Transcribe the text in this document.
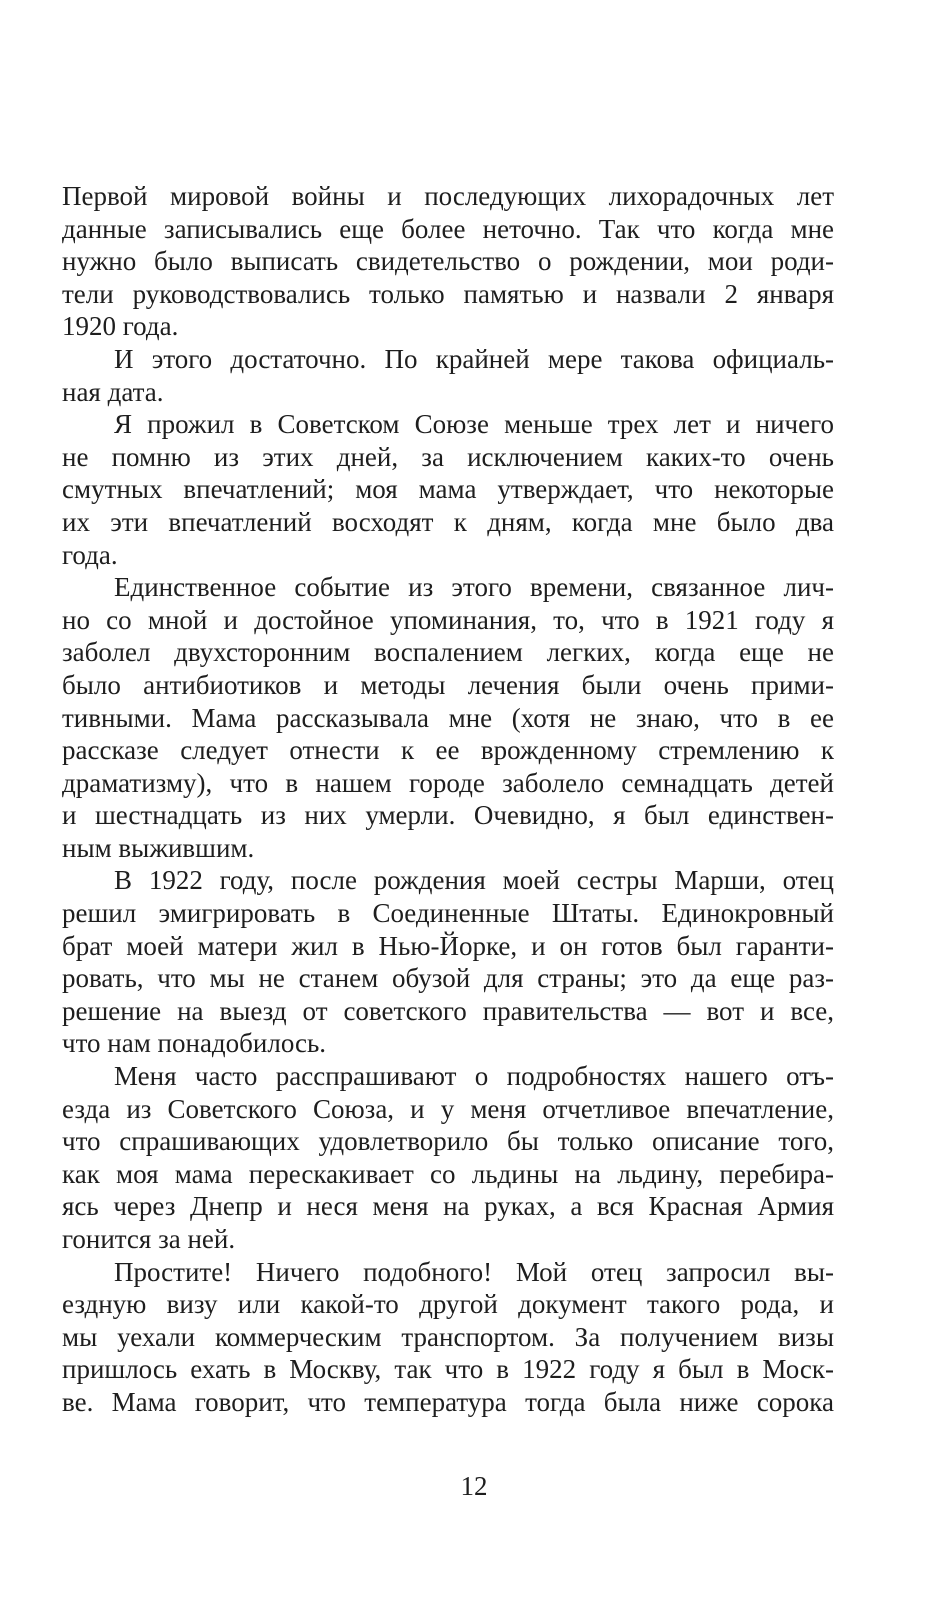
Первой мировой войны и последующих лихорадочных лет
данные записывались еще более неточно. Так что когда мне
нужно было выписать свидетельство о рождении, мои роди-
тели руководствовались только памятью и назвали 2 января
1920 года.
И этого достаточно. По крайней мере такова официаль-
ная дата.
Я прожил в Советском Союзе меньше трех лет и ничего
не помню из этих дней, за исключением каких-то очень
смутных впечатлений; моя мама утверждает, что некоторые
их эти впечатлений восходят к дням, когда мне было два
года.
Единственное событие из этого времени, связанное лич-
но со мной и достойное упоминания, то, что в 1921 году я
заболел двухсторонним воспалением легких, когда еще не
было антибиотиков и методы лечения были очень прими-
тивными. Мама рассказывала мне (хотя не знаю, что в ее
рассказе следует отнести к ее врожденному стремлению к
драматизму), что в нашем городе заболело семнадцать детей
и шестнадцать из них умерли. Очевидно, я был единствен-
ным выжившим.
В 1922 году, после рождения моей сестры Марши, отец
решил эмигрировать в Соединенные Штаты. Единокровный
брат моей матери жил в Нью-Йорке, и он готов был гаранти-
ровать, что мы не станем обузой для страны; это да еще раз-
решение на выезд от советского правительства — вот и все,
что нам понадобилось.
Меня часто расспрашивают о подробностях нашего отъ-
езда из Советского Союза, и у меня отчетливое впечатление,
что спрашивающих удовлетворило бы только описание того,
как моя мама перескакивает со льдины на льдину, перебира-
ясь через Днепр и неся меня на руках, а вся Красная Армия
гонится за ней.
Простите! Ничего подобного! Мой отец запросил вы-
ездную визу или какой-то другой документ такого рода, и
мы уехали коммерческим транспортом. За получением визы
пришлось ехать в Москву, так что в 1922 году я был в Моск-
ве. Мама говорит, что температура тогда была ниже сорока
12
